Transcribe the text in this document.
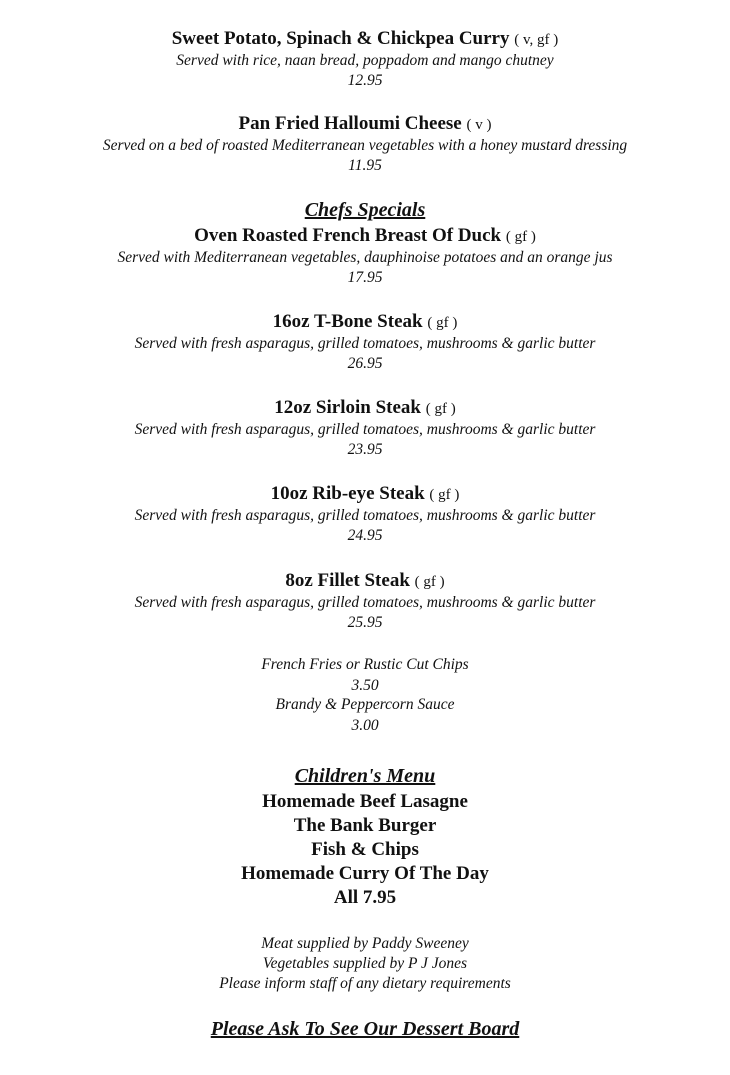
Sweet Potato, Spinach & Chickpea Curry ( v, gf )
Served with rice, naan bread, poppadom and mango chutney
12.95
Pan Fried Halloumi Cheese ( v )
Served on a bed of roasted Mediterranean vegetables with a honey mustard dressing
11.95
Chefs Specials
Oven Roasted French Breast Of Duck ( gf )
Served with Mediterranean vegetables, dauphinoise potatoes and an orange jus
17.95
16oz T-Bone Steak ( gf )
Served with fresh asparagus, grilled tomatoes, mushrooms & garlic butter
26.95
12oz Sirloin Steak ( gf )
Served with fresh asparagus, grilled tomatoes, mushrooms & garlic butter
23.95
10oz Rib-eye Steak ( gf )
Served with fresh asparagus, grilled tomatoes, mushrooms & garlic butter
24.95
8oz Fillet Steak ( gf )
Served with fresh asparagus, grilled tomatoes, mushrooms & garlic butter
25.95
French Fries or Rustic Cut Chips
3.50
Brandy & Peppercorn Sauce
3.00
Children's Menu
Homemade Beef Lasagne
The Bank Burger
Fish & Chips
Homemade Curry Of The Day
All 7.95
Meat supplied by Paddy Sweeney
Vegetables supplied by P J Jones
Please inform staff of any dietary requirements
Please Ask To See Our Dessert Board
